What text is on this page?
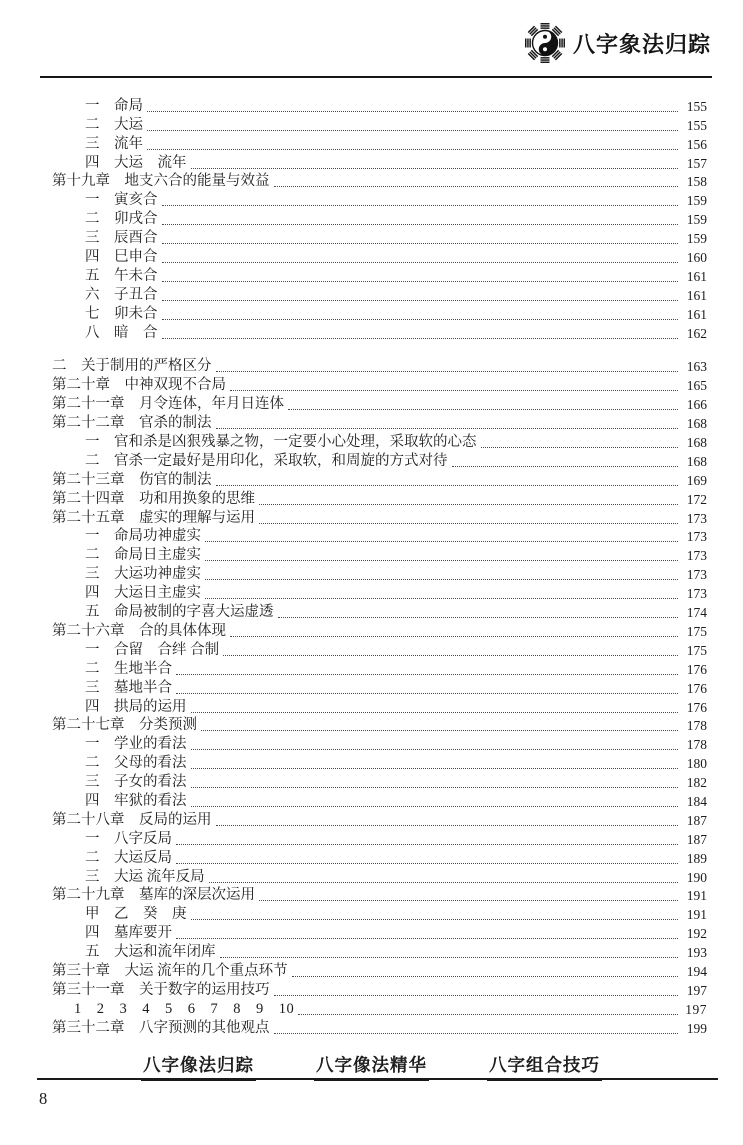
八字象法归踪
一　命局	155
二　大运	155
三　流年	156
四　大运　流年	157
第十九章　地支六合的能量与效益	158
一　寅亥合	159
二　卯戌合	159
三　辰酉合	159
四　巳申合	160
五　午未合	161
六　子丑合	161
七　卯未合	161
八　暗　合	162
二　关于制用的严格区分	163
第二十章　中神双现不合局	165
第二十一章　月令连体，年月日连体	166
第二十二章　官杀的制法	168
一　官和杀是凶狠残暴之物，一定要小心处理，采取软的心态	168
二　官杀一定最好是用印化，采取软，和周旋的方式对待	168
第二十三章　伤官的制法	169
第二十四章　功和用换象的思维	172
第二十五章　虚实的理解与运用	173
一　命局功神虚实	173
二　命局日主虚实	173
三　大运功神虚实	173
四　大运日主虚实	173
五　命局被制的字喜大运虚透	174
第二十六章　合的具体体现	175
一　合留　合绊 合制	175
二　生地半合	176
三　墓地半合	176
四　拱局的运用	176
第二十七章　分类预测	178
一　学业的看法	178
二　父母的看法	180
三　子女的看法	182
四　牢狱的看法	184
第二十八章　反局的运用	187
一　八字反局	187
二　大运反局	189
三　大运 流年反局	190
第二十九章　墓库的深层次运用	191
甲　乙　癸　庚	191
四　墓库要开	192
五　大运和流年闭库	193
第三十章　大运 流年的几个重点环节	194
第三十一章　关于数字的运用技巧	197
1　2　3　4　5　6　7　8　9　10	197
第三十二章　八字预测的其他观点	199
八字像法归踪	八字像法精华	八字组合技巧
8
